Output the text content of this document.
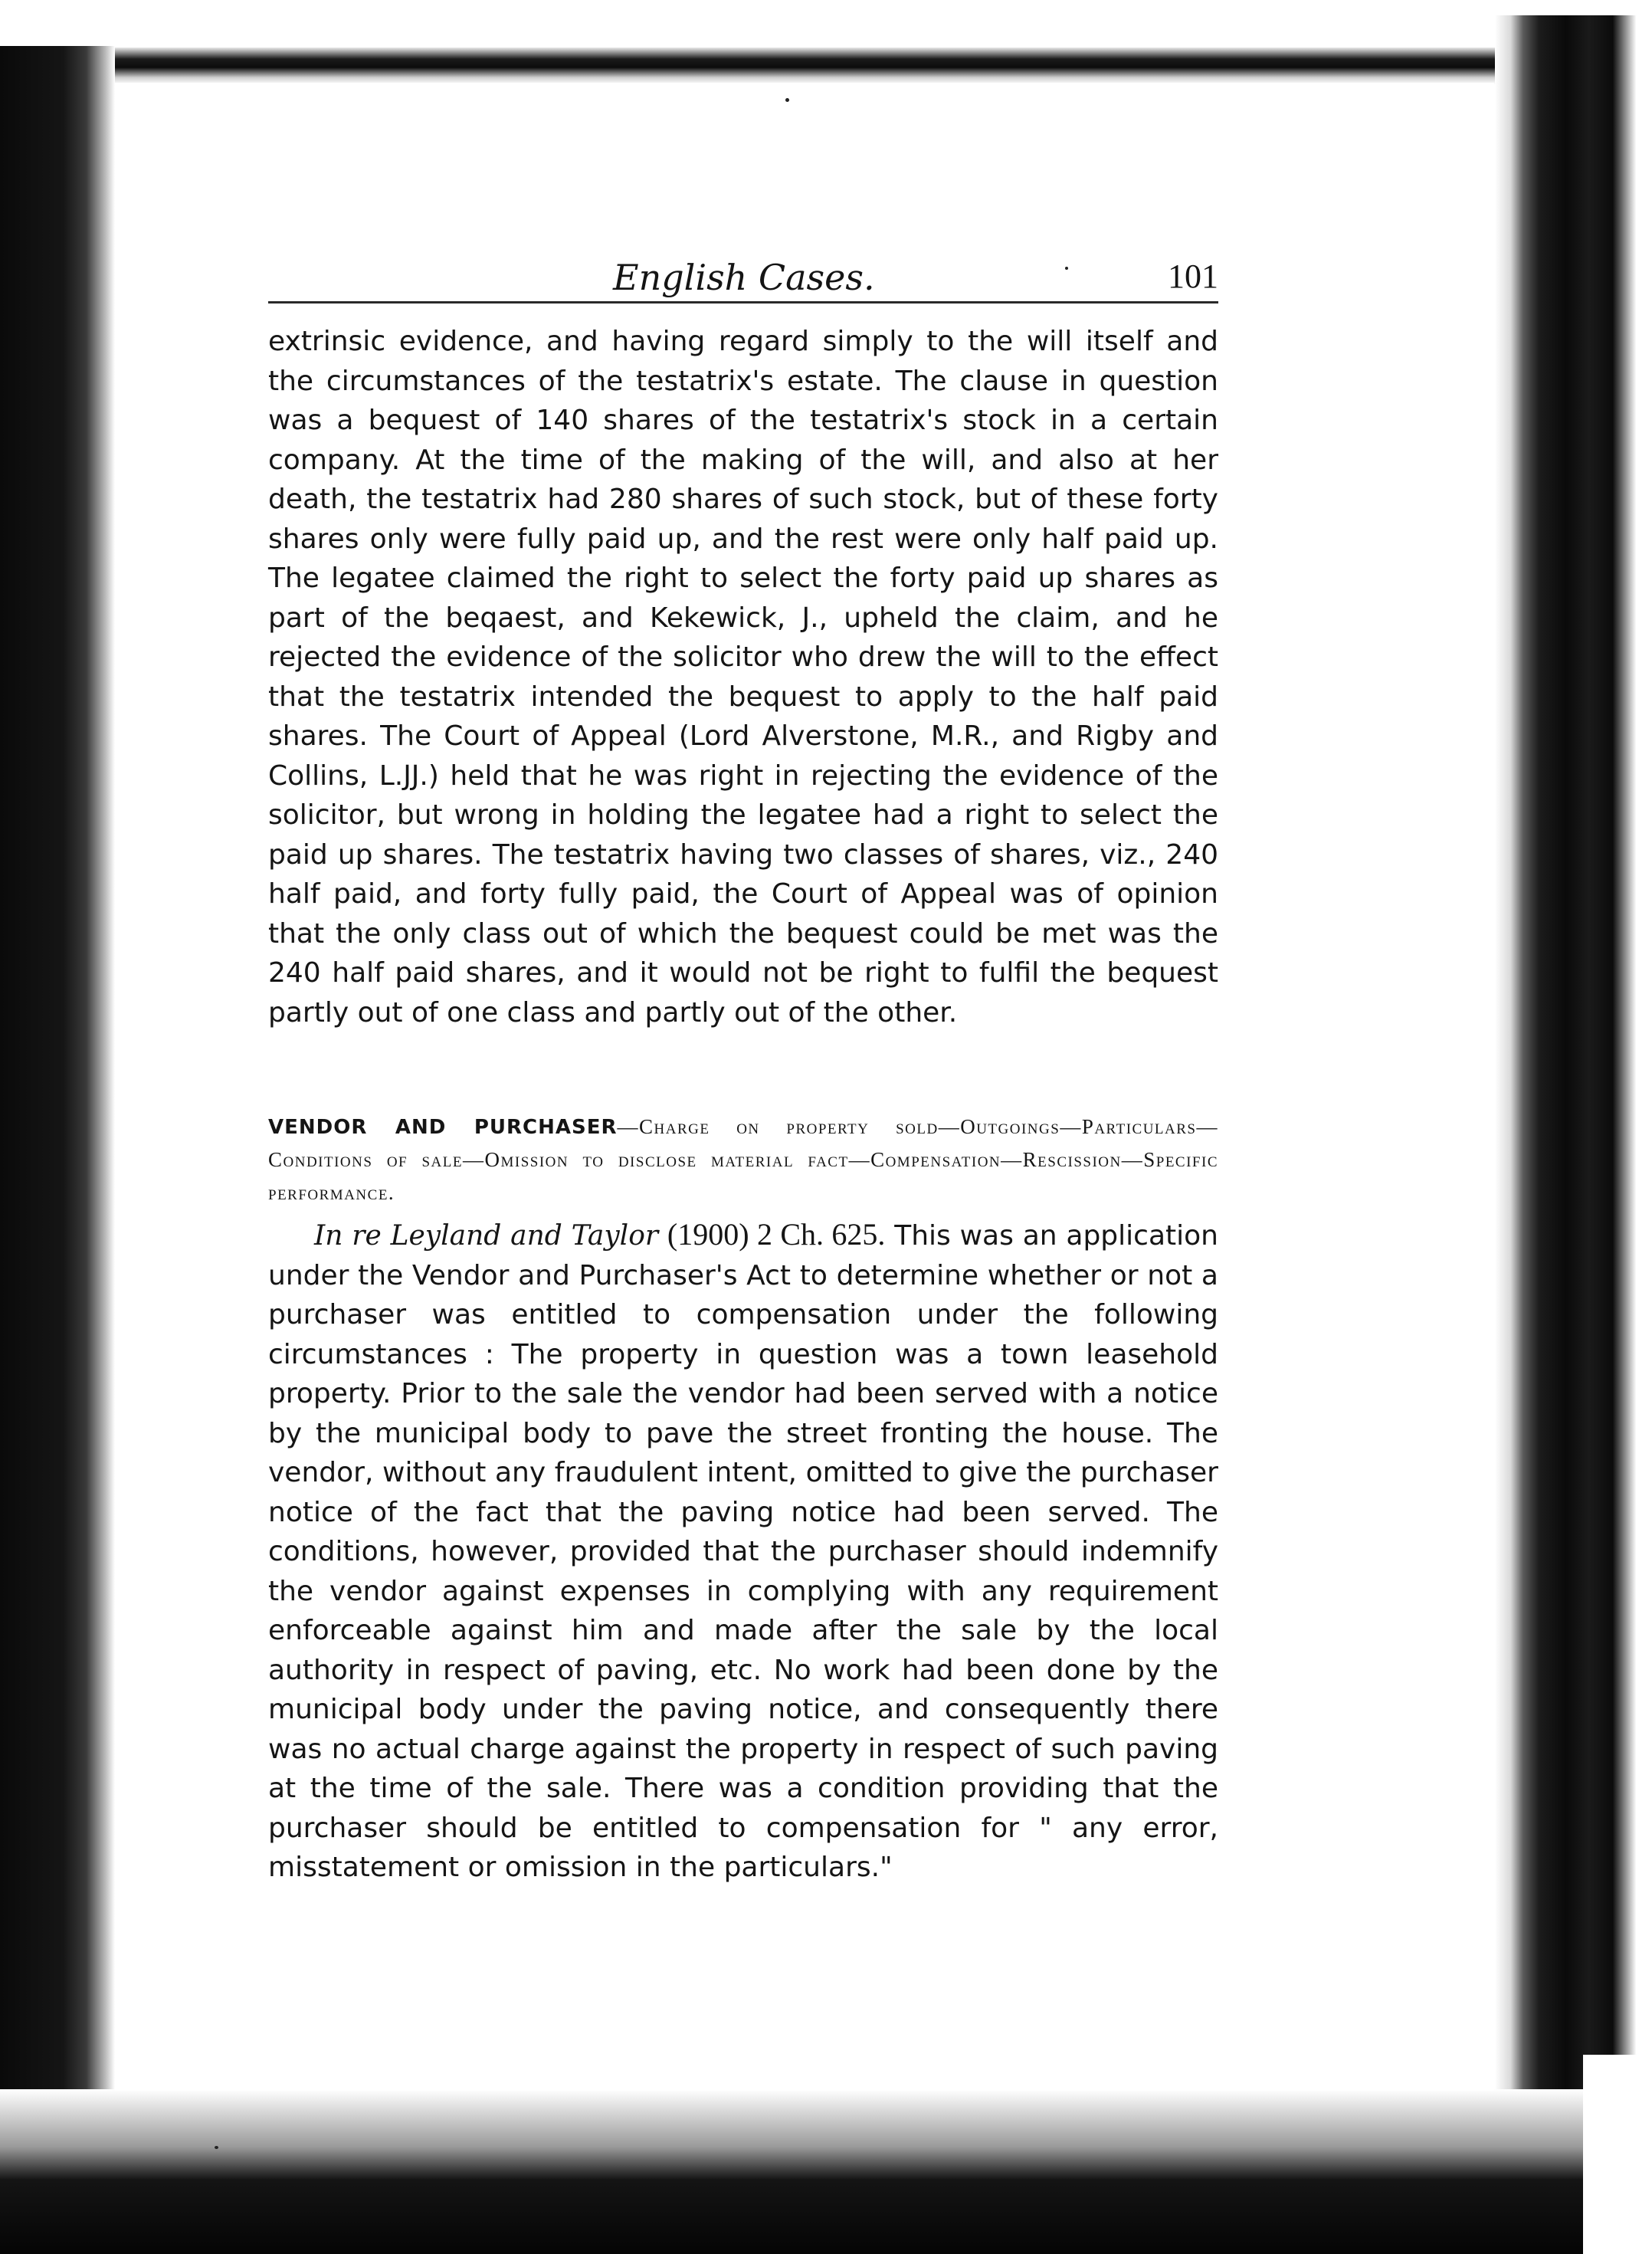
English Cases.	101

extrinsic evidence, and having regard simply to the will itself and the circumstances of the testatrix's estate. The clause in question was a bequest of 140 shares of the testatrix's stock in a certain company. At the time of the making of the will, and also at her death, the testatrix had 280 shares of such stock, but of these forty shares only were fully paid up, and the rest were only half paid up. The legatee claimed the right to select the forty paid up shares as part of the beqaest, and Kekewick, J., upheld the claim, and he rejected the evidence of the solicitor who drew the will to the effect that the testatrix intended the bequest to apply to the half paid shares. The Court of Appeal (Lord Alverstone, M.R., and Rigby and Collins, L.JJ.) held that he was right in rejecting the evidence of the solicitor, but wrong in holding the legatee had a right to select the paid up shares. The testatrix having two classes of shares, viz., 240 half paid, and forty fully paid, the Court of Appeal was of opinion that the only class out of which the bequest could be met was the 240 half paid shares, and it would not be right to fulfil the bequest partly out of one class and partly out of the other.

VENDOR AND PURCHASER—Charge on property sold—Outgoings—Particulars—Conditions of sale—Omission to disclose material fact—Compensation—Rescission—Specific performance.

In re Leyland and Taylor (1900) 2 Ch. 625. This was an application under the Vendor and Purchaser's Act to determine whether or not a purchaser was entitled to compensation under the following circumstances : The property in question was a town leasehold property. Prior to the sale the vendor had been served with a notice by the municipal body to pave the street fronting the house. The vendor, without any fraudulent intent, omitted to give the purchaser notice of the fact that the paving notice had been served. The conditions, however, provided that the purchaser should indemnify the vendor against expenses in complying with any requirement enforceable against him and made after the sale by the local authority in respect of paving, etc. No work had been done by the municipal body under the paving notice, and consequently there was no actual charge against the property in respect of such paving at the time of the sale. There was a condition providing that the purchaser should be entitled to compensation for " any error, misstatement or omission in the particulars."
